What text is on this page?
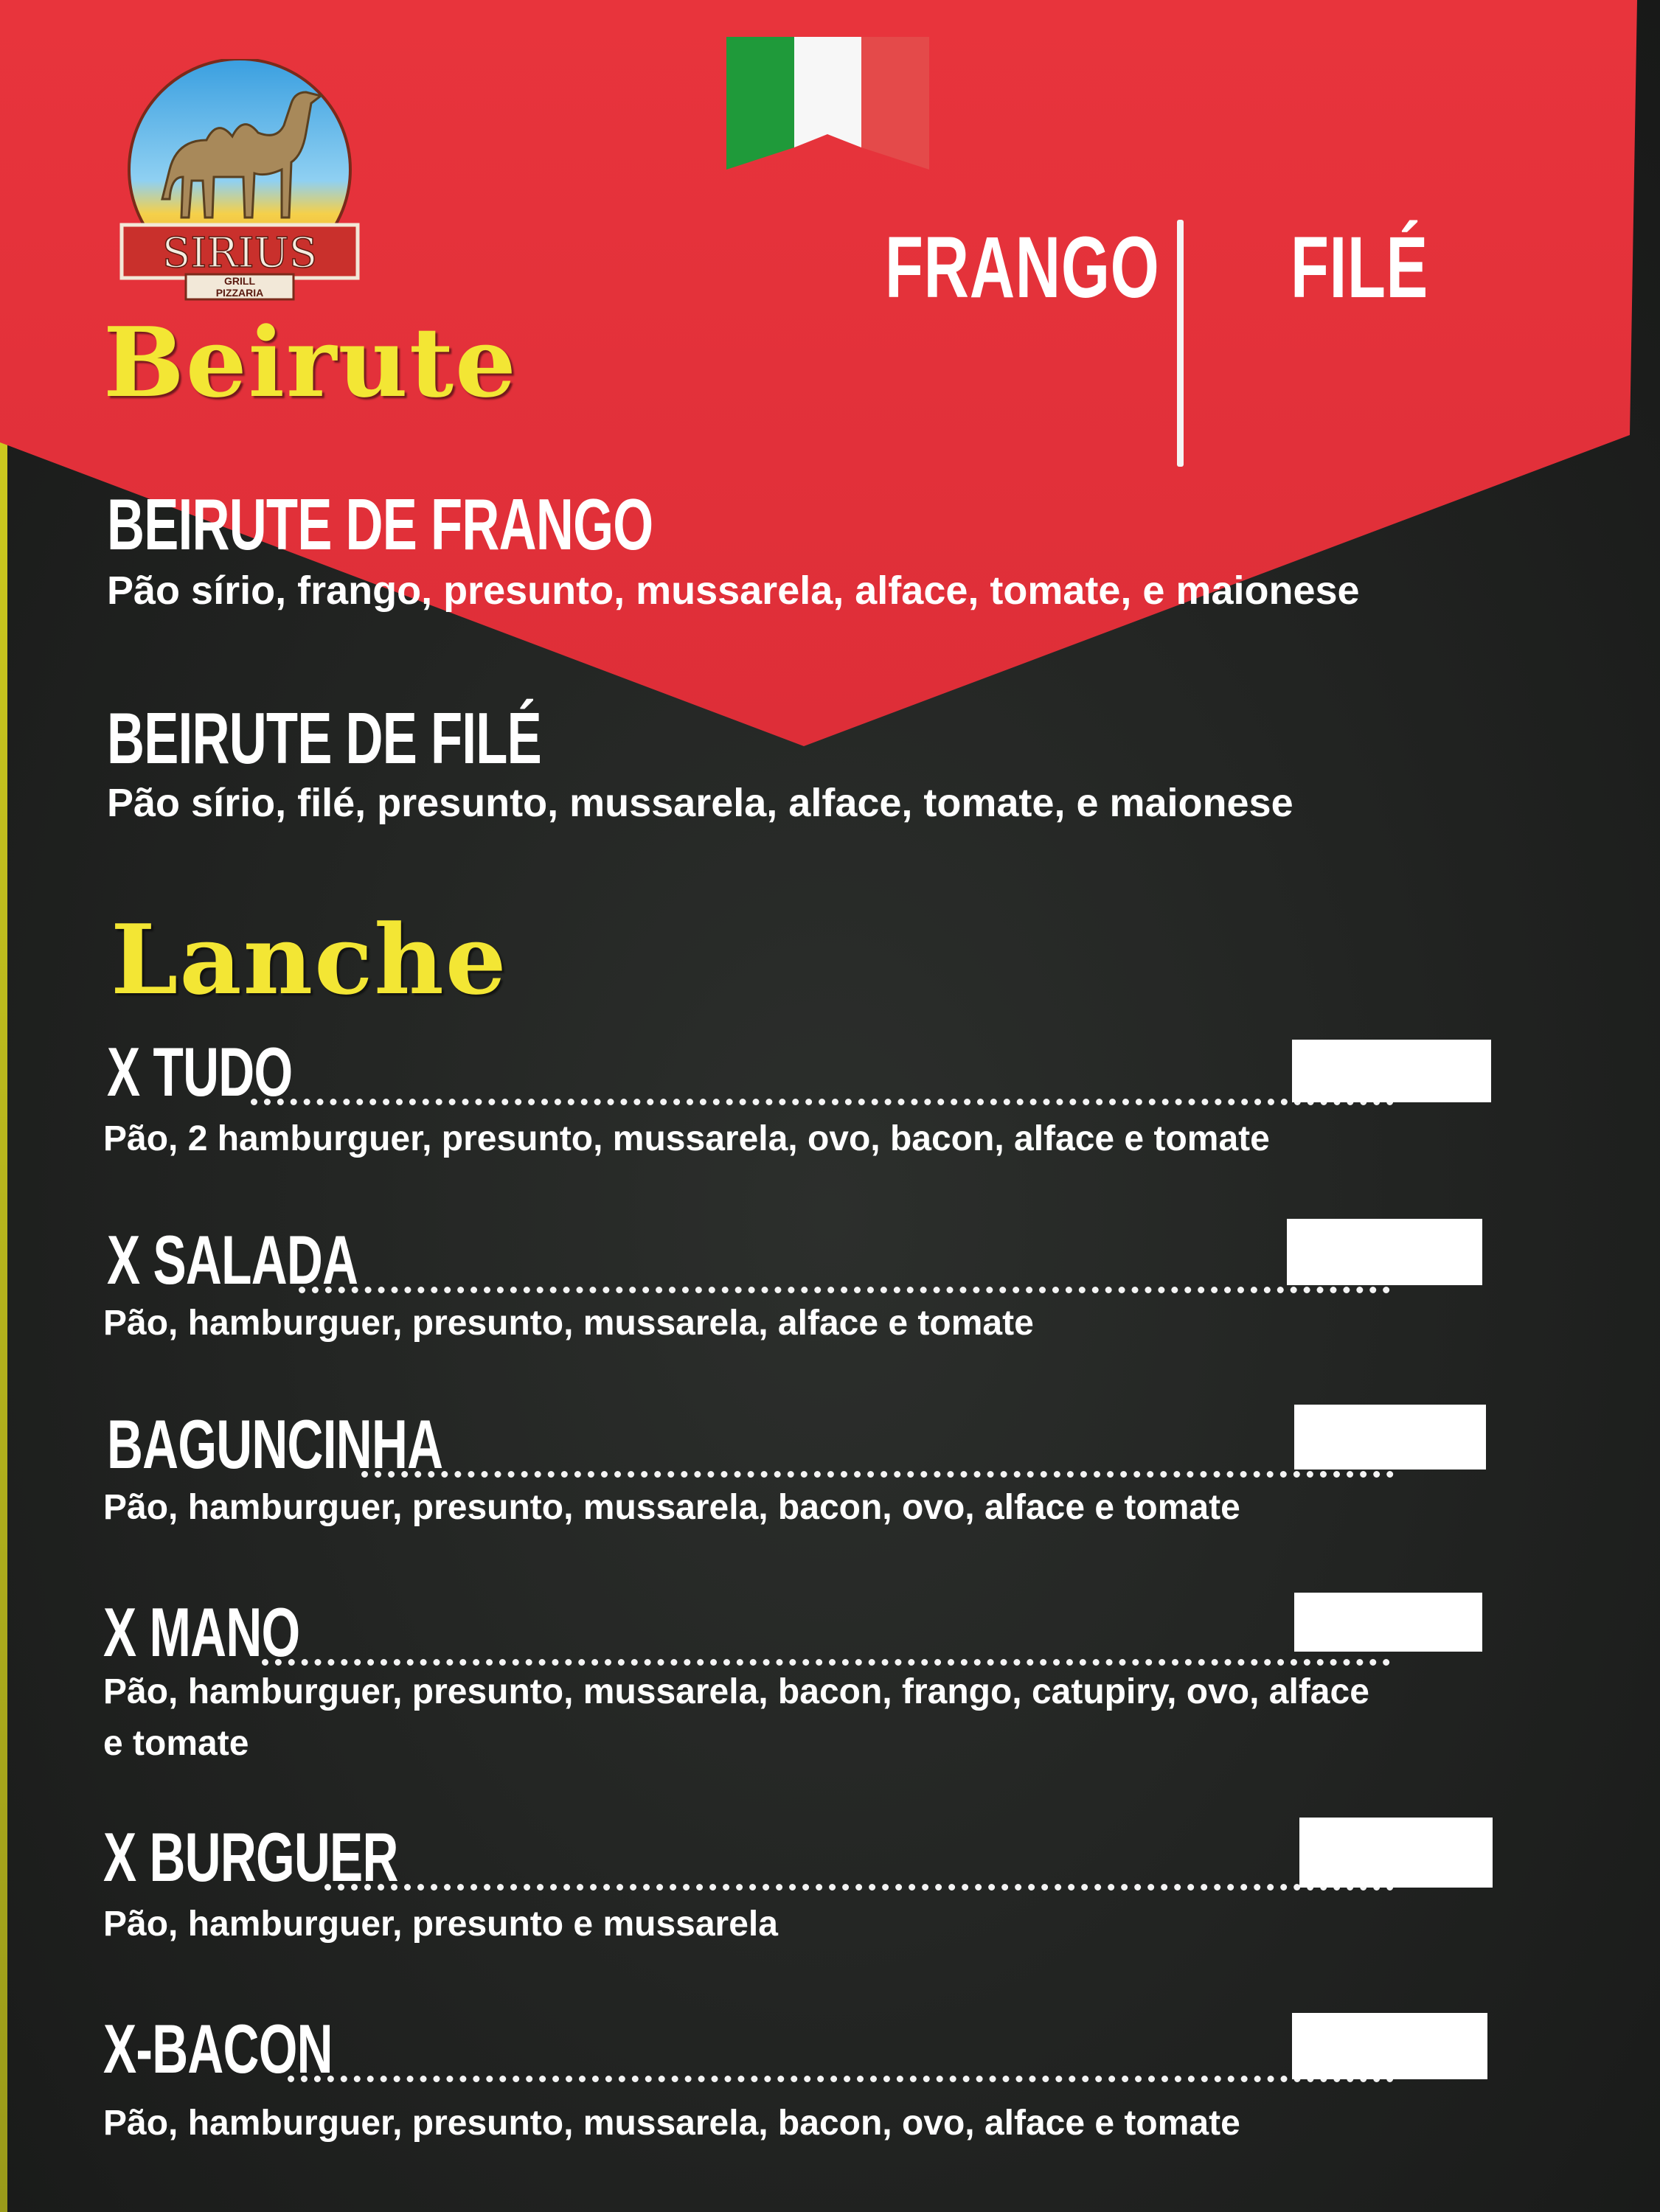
SIRIUS
GRILL
PIZZARIA
Beirute
FRANGO FILÉ
BEIRUTE DE FRANGO
Pão sírio, frango, presunto, mussarela, alface, tomate, e maionese
BEIRUTE DE FILÉ
Pão sírio, filé, presunto, mussarela, alface, tomate, e maionese
Lanche
X TUDO
Pão, 2 hamburguer, presunto, mussarela, ovo, bacon, alface e tomate
X SALADA
Pão, hamburguer, presunto, mussarela, alface e tomate
BAGUNCINHA
Pão, hamburguer, presunto, mussarela, bacon, ovo, alface e tomate
X MANO
Pão, hamburguer, presunto, mussarela, bacon, frango, catupiry, ovo, alface
e tomate
X BURGUER
Pão, hamburguer, presunto e mussarela
X-BACON
Pão, hamburguer, presunto, mussarela, bacon, ovo, alface e tomate
